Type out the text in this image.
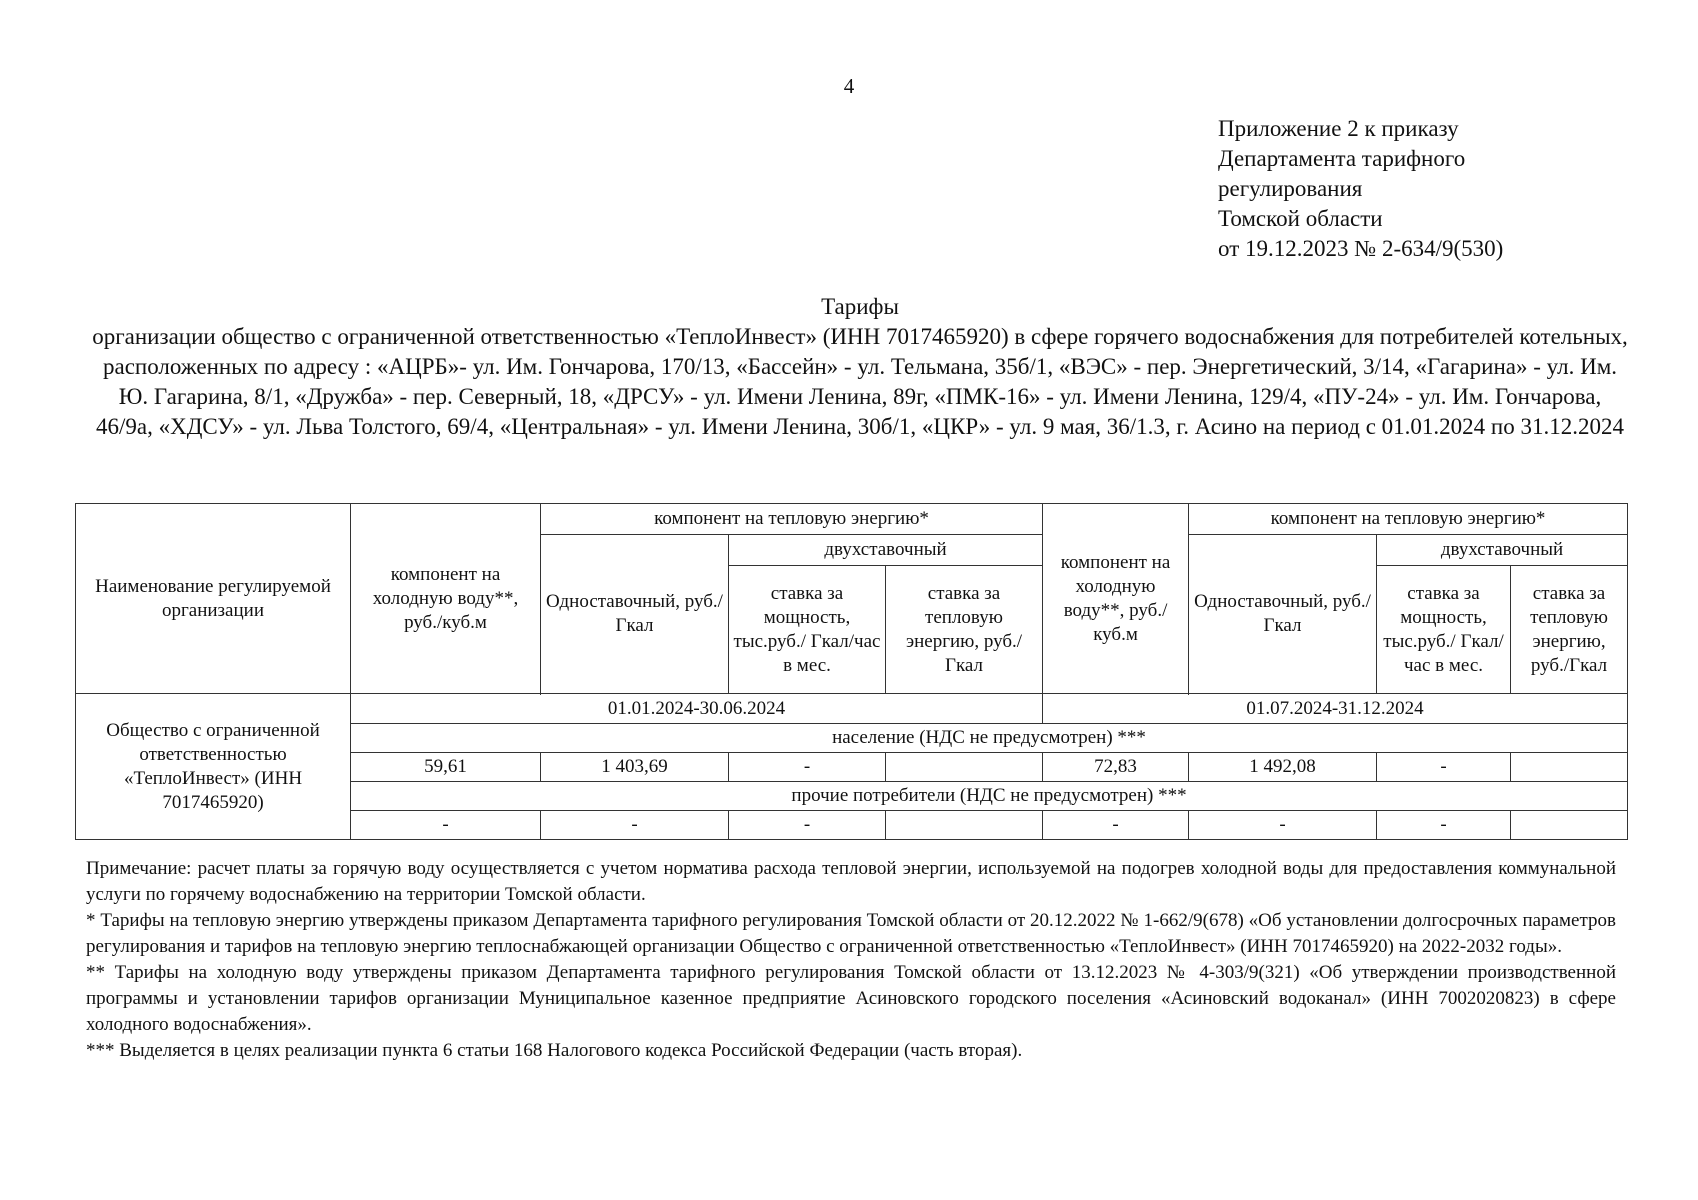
4
Приложение 2 к приказу
Департамента тарифного
регулирования
Томской области
от 19.12.2023 № 2-634/9(530)
Тарифы
организации общество с ограниченной ответственностью «ТеплоИнвест» (ИНН 7017465920) в сфере горячего водоснабжения для потребителей котельных, расположенных по адресу : «АЦРБ»- ул. Им. Гончарова, 170/13, «Бассейн» - ул. Тельмана, 35б/1, «ВЭС» - пер. Энергетический, 3/14, «Гагарина» - ул. Им. Ю. Гагарина, 8/1, «Дружба» - пер. Северный, 18, «ДРСУ» - ул. Имени Ленина, 89г, «ПМК-16» - ул. Имени Ленина, 129/4, «ПУ-24» - ул. Им. Гончарова, 46/9а, «ХДСУ» - ул. Льва Толстого, 69/4, «Центральная» - ул. Имени Ленина, 30б/1, «ЦКР» - ул. 9 мая, 36/1.3, г. Асино на период с 01.01.2024 по 31.12.2024
Наименование регулируемой организации	компонент на холодную воду**, руб./куб.м	компонент на тепловую энергию*			компонент на холодную воду**, руб./куб.м	компонент на тепловую энергию*		
		Одноставочный, руб./Гкал	двухставочный			Одноставочный, руб./Гкал	двухставочный	
			ставка за мощность, тыс.руб./ Гкал/час в мес.	ставка за тепловую энергию, руб./Гкал			ставка за мощность, тыс.руб./ Гкал/час в мес.	ставка за тепловую энергию, руб./Гкал

Общество с ограниченной ответственностью «ТеплоИнвест» (ИНН 7017465920)	01.01.2024-30.06.2024				01.07.2024-31.12.2024			
	население (НДС не предусмотрен) ***							
	59,61	1 403,69	-		72,83	1 492,08	-	
	прочие потребители (НДС не предусмотрен) ***							
	-	-	-		-	-	-	

Примечание: расчет платы за горячую воду осуществляется с учетом норматива расхода тепловой энергии, используемой на подогрев холодной воды для предоставления коммунальной услуги по горячему водоснабжению на территории Томской области.

* Тарифы на тепловую энергию утверждены приказом Департамента тарифного регулирования Томской области от 20.12.2022 № 1-662/9(678) «Об установлении долгосрочных параметров регулирования и тарифов на тепловую энергию теплоснабжающей организации Общество с ограниченной ответственностью «ТеплоИнвест» (ИНН 7017465920) на 2022-2032 годы».

** Тарифы на холодную воду утверждены приказом Департамента тарифного регулирования Томской области от 13.12.2023 № 4-303/9(321) «Об утверждении производственной программы и установлении тарифов организации Муниципальное казенное предприятие Асиновского городского поселения «Асиновский водоканал» (ИНН 7002020823) в сфере холодного водоснабжения».

*** Выделяется в целях реализации пункта 6 статьи 168 Налогового кодекса Российской Федерации (часть вторая).
